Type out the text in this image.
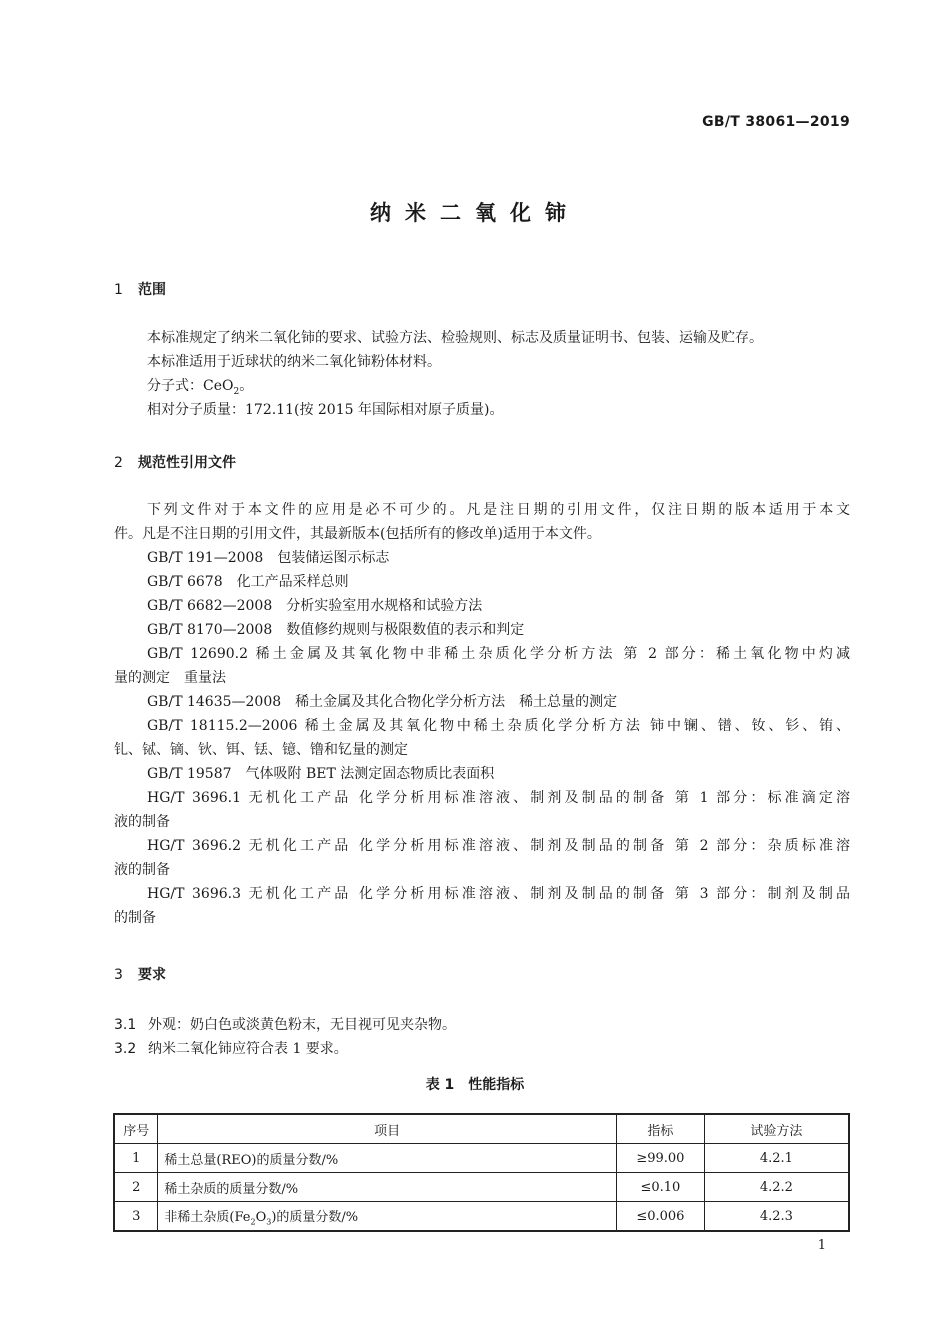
GB/T 38061—2019
纳米二氧化铈
1 范围
本标准规定了纳米二氧化铈的要求、试验方法、检验规则、标志及质量证明书、包装、运输及贮存。
本标准适用于近球状的纳米二氧化铈粉体材料。
分子式：CeO$_2$。
相对分子质量：172.11(按 2015 年国际相对原子质量)。
2 规范性引用文件
下列文件对于本文件的应用是必不可少的。凡是注日期的引用文件，仅注日期的版本适用于本文
件。凡是不注日期的引用文件，其最新版本(包括所有的修改单)适用于本文件。
GB/T 191—2008 包装储运图示标志
GB/T 6678 化工产品采样总则
GB/T 6682—2008 分析实验室用水规格和试验方法
GB/T 8170—2008 数值修约规则与极限数值的表示和判定
GB/T 12690.2 稀土金属及其氧化物中非稀土杂质化学分析方法 第 2 部分：稀土氧化物中灼减
量的测定 重量法
GB/T 14635—2008 稀土金属及其化合物化学分析方法 稀土总量的测定
GB/T 18115.2—2006 稀土金属及其氧化物中稀土杂质化学分析方法 铈中镧、镨、钕、钐、铕、
钆、铽、镝、钬、铒、铥、镱、镥和钇量的测定
GB/T 19587 气体吸附 BET 法测定固态物质比表面积
HG/T 3696.1 无机化工产品 化学分析用标准溶液、制剂及制品的制备 第 1 部分：标准滴定溶
液的制备
HG/T 3696.2 无机化工产品 化学分析用标准溶液、制剂及制品的制备 第 2 部分：杂质标准溶
液的制备
HG/T 3696.3 无机化工产品 化学分析用标准溶液、制剂及制品的制备 第 3 部分：制剂及制品
的制备
3 要求
3.1 外观：奶白色或淡黄色粉末，无目视可见夹杂物。
3.2 纳米二氧化铈应符合表 1 要求。
表 1　性能指标
序号	项目	指标	试验方法
1	稀土总量(REO)的质量分数/%	≥99.00	4.2.1
2	稀土杂质的质量分数/%	≤0.10	4.2.2
3	非稀土杂质$(Fe_2O_3)$的质量分数/%	≤0.006	4.2.3
1
